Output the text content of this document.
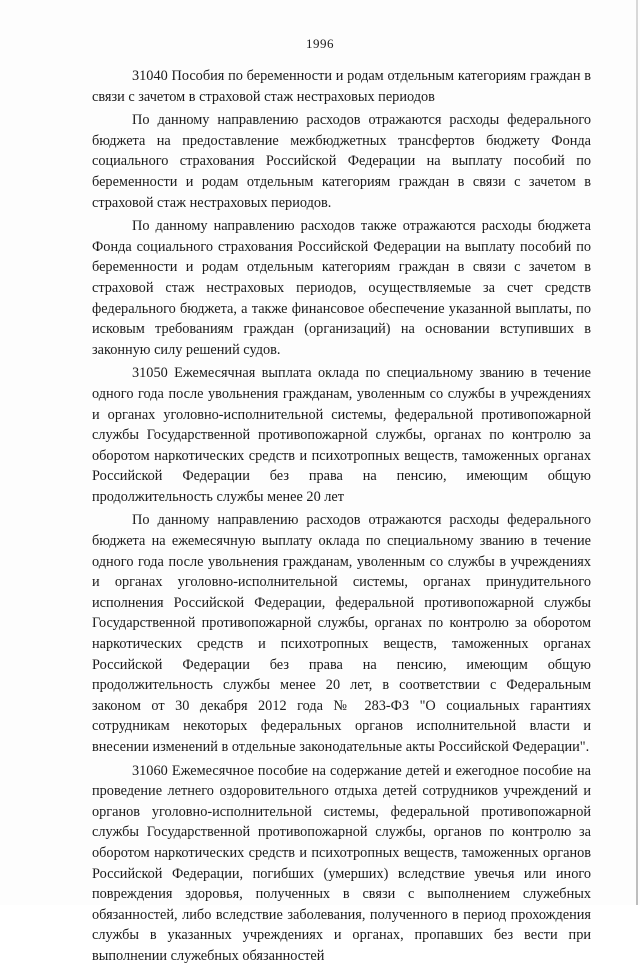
1996

31040 Пособия по беременности и родам отдельным категориям граждан в связи с зачетом в страховой стаж нестраховых периодов

По данному направлению расходов отражаются расходы федерального бюджета на предоставление межбюджетных трансфертов бюджету Фонда социального страхования Российской Федерации на выплату пособий по беременности и родам отдельным категориям граждан в связи с зачетом в страховой стаж нестраховых периодов.

По данному направлению расходов также отражаются расходы бюджета Фонда социального страхования Российской Федерации на выплату пособий по беременности и родам отдельным категориям граждан в связи с зачетом в страховой стаж нестраховых периодов, осуществляемые за счет средств федерального бюджета, а также финансовое обеспечение указанной выплаты, по исковым требованиям граждан (организаций) на основании вступивших в законную силу решений судов.

31050 Ежемесячная выплата оклада по специальному званию в течение одного года после увольнения гражданам, уволенным со службы в учреждениях и органах уголовно-исполнительной системы, федеральной противопожарной службы Государственной противопожарной службы, органах по контролю за оборотом наркотических средств и психотропных веществ, таможенных органах Российской Федерации без права на пенсию, имеющим общую продолжительность службы менее 20 лет

По данному направлению расходов отражаются расходы федерального бюджета на ежемесячную выплату оклада по специальному званию в течение одного года после увольнения гражданам, уволенным со службы в учреждениях и органах уголовно-исполнительной системы, органах принудительного исполнения Российской Федерации, федеральной противопожарной службы Государственной противопожарной службы, органах по контролю за оборотом наркотических средств и психотропных веществ, таможенных органах Российской Федерации без права на пенсию, имеющим общую продолжительность службы менее 20 лет, в соответствии с Федеральным законом от 30 декабря 2012 года № 283-ФЗ "О социальных гарантиях сотрудникам некоторых федеральных органов исполнительной власти и внесении изменений в отдельные законодательные акты Российской Федерации".

31060 Ежемесячное пособие на содержание детей и ежегодное пособие на проведение летнего оздоровительного отдыха детей сотрудников учреждений и органов уголовно-исполнительной системы, федеральной противопожарной службы Государственной противопожарной службы, органов по контролю за оборотом наркотических средств и психотропных веществ, таможенных органов Российской Федерации, погибших (умерших) вследствие увечья или иного повреждения здоровья, полученных в связи с выполнением служебных обязанностей, либо вследствие заболевания, полученного в период прохождения службы в указанных учреждениях и органах, пропавших без вести при выполнении служебных обязанностей
